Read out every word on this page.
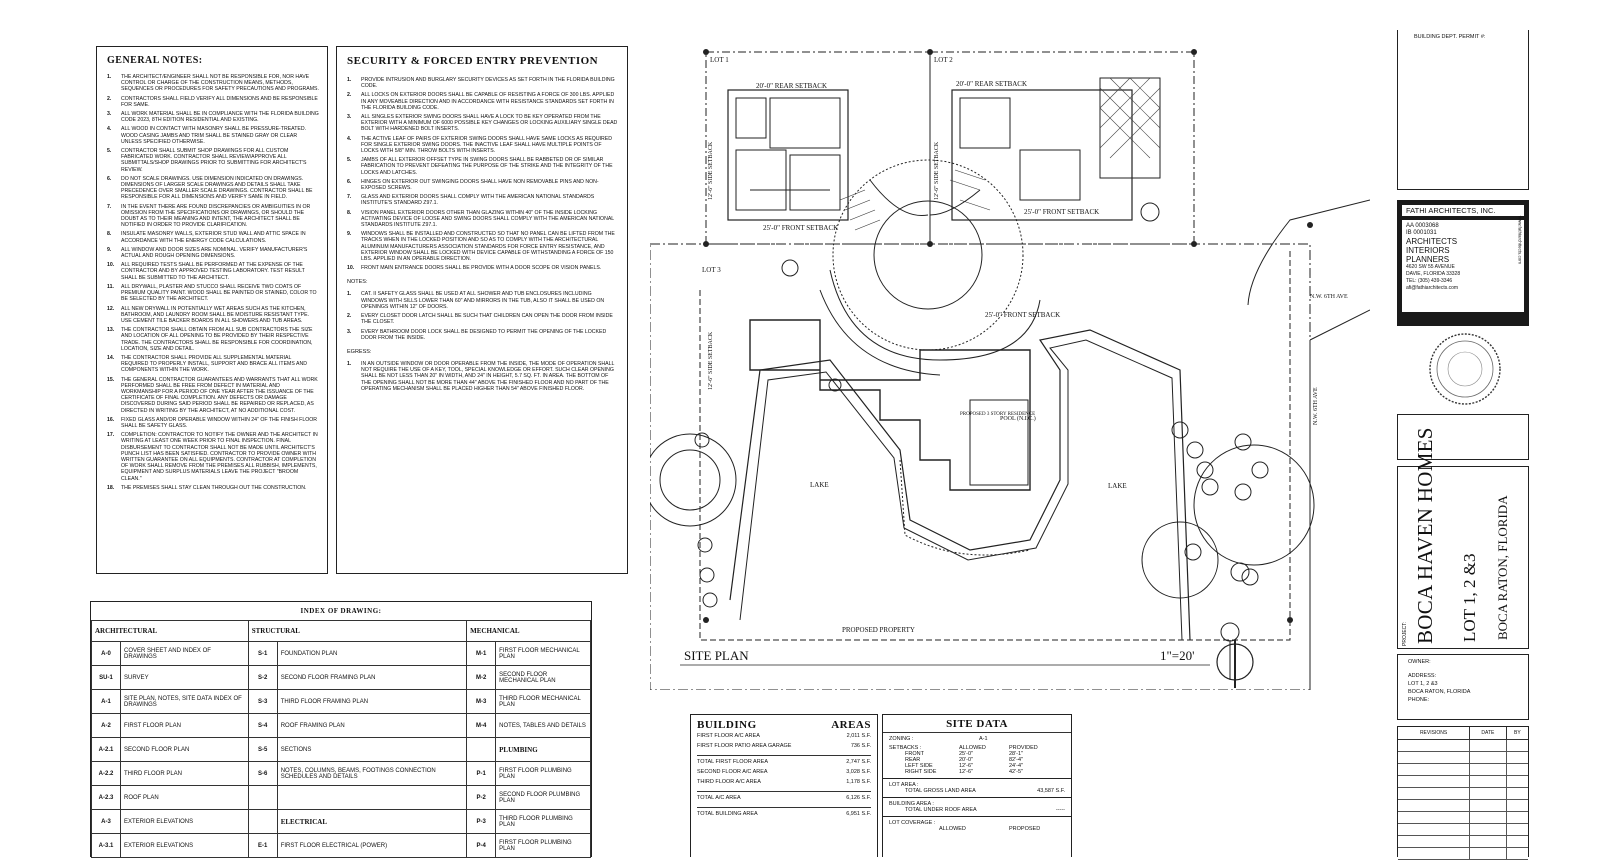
GENERAL NOTES:
1.	THE ARCHITECT/ENGINEER SHALL NOT BE RESPONSIBLE FOR, NOR HAVE CONTROL OR CHARGE OF THE CONSTRUCTION MEANS, METHODS, SEQUENCES OR PROCEDURES FOR SAFETY PRECAUTIONS AND PROGRAMS.
2.	CONTRACTORS SHALL FIELD VERIFY ALL DIMENSIONS AND BE RESPONSIBLE FOR SAME.
3.	ALL WORK MATERIAL SHALL BE IN COMPLIANCE WITH THE FLORIDA BUILDING CODE 2023, 8TH EDITION RESIDENTIAL AND EXISTING.
4.	ALL WOOD IN CONTACT WITH MASONRY SHALL BE PRESSURE-TREATED. WOOD CASING JAMBS AND TRIM SHALL BE STAINED GRAY OR CLEAR UNLESS SPECIFIED OTHERWISE.
5.	CONTRACTOR SHALL SUBMIT SHOP DRAWINGS FOR ALL CUSTOM FABRICATED WORK. CONTRACTOR SHALL REVIEW/APPROVE ALL SUBMITTALS/SHOP DRAWINGS PRIOR TO SUBMITTING FOR ARCHITECT'S REVIEW.
6.	DO NOT SCALE DRAWINGS. USE DIMENSION INDICATED ON DRAWINGS. DIMENSIONS OF LARGER SCALE DRAWINGS AND DETAILS SHALL TAKE PRECEDENCE OVER SMALLER SCALE DRAWINGS. CONTRACTOR SHALL BE RESPONSIBLE FOR ALL DIMENSIONS AND VERIFY SAME IN FIELD.
7.	IN THE EVENT THERE ARE FOUND DISCREPANCIES OR AMBIGUITIES IN OR OMISSION FROM THE SPECIFICATIONS OR DRAWINGS, OR SHOULD THE DOUBT AS TO THEIR MEANING AND INTENT, THE ARCHITECT SHALL BE NOTIFIED IN ORDER TO PROVIDE CLARIFICATION.
8.	INSULATE MASONRY WALLS, EXTERIOR STUD WALL AND ATTIC SPACE IN ACCORDANCE WITH THE ENERGY CODE CALCULATIONS.
9.	ALL WINDOW AND DOOR SIZES ARE NOMINAL. VERIFY MANUFACTURER'S ACTUAL AND ROUGH OPENING DIMENSIONS.
10.	ALL REQUIRED TESTS SHALL BE PERFORMED AT THE EXPENSE OF THE CONTRACTOR AND BY APPROVED TESTING LABORATORY. TEST RESULT SHALL BE SUBMITTED TO THE ARCHITECT.
11.	ALL DRYWALL, PLASTER AND STUCCO SHALL RECEIVE TWO COATS OF PREMIUM QUALITY PAINT. WOOD SHALL BE PAINTED OR STAINED, COLOR TO BE SELECTED BY THE ARCHITECT.
12.	ALL NEW DRYWALL IN POTENTIALLY WET AREAS SUCH AS THE KITCHEN, BATHROOM, AND LAUNDRY ROOM SHALL BE MOISTURE RESISTANT TYPE. USE CEMENT TILE BACKER BOARDS IN ALL SHOWERS AND TUB AREAS.
13.	THE CONTRACTOR SHALL OBTAIN FROM ALL SUB CONTRACTORS THE SIZE AND LOCATION OF ALL OPENING TO BE PROVIDED BY THEIR RESPECTIVE TRADE. THE CONTRACTORS SHALL BE RESPONSIBLE FOR COORDINATION, LOCATION, SIZE AND DETAIL.
14.	THE CONTRACTOR SHALL PROVIDE ALL SUPPLEMENTAL MATERIAL REQUIRED TO PROPERLY INSTALL, SUPPORT AND BRACE ALL ITEMS AND COMPONENTS WITHIN THE WORK.
15.	THE GENERAL CONTRACTOR GUARANTEES AND WARRANTS THAT ALL WORK PERFORMED SHALL BE FREE FROM DEFECT IN MATERIAL AND WORKMANSHIP FOR A PERIOD OF ONE YEAR AFTER THE ISSUANCE OF THE CERTIFICATE OF FINAL COMPLETION. ANY DEFECTS OR DAMAGE DISCOVERED DURING SAID PERIOD SHALL BE REPAIRED OR REPLACED, AS DIRECTED IN WRITING BY THE ARCHITECT, AT NO ADDITIONAL COST.
16.	FIXED GLASS AND/OR OPERABLE WINDOW WITHIN 24" OF THE FINISH FLOOR SHALL BE SAFETY GLASS.
17.	COMPLETION: CONTRACTOR TO NOTIFY THE OWNER AND THE ARCHITECT IN WRITING AT LEAST ONE WEEK PRIOR TO FINAL INSPECTION. FINAL DISBURSEMENT TO CONTRACTOR SHALL NOT BE MADE UNTIL ARCHITECT'S PUNCH LIST HAS BEEN SATISFIED. CONTRACTOR TO PROVIDE OWNER WITH WRITTEN GUARANTEE ON ALL EQUIPMENTS. CONTRACTOR AT COMPLETION OF WORK SHALL REMOVE FROM THE PREMISES ALL RUBBISH, IMPLEMENTS, EQUIPMENT AND SURPLUS MATERIALS LEAVE THE PROJECT "BROOM CLEAN."
18.	THE PREMISES SHALL STAY CLEAN THROUGH OUT THE CONSTRUCTION.
SECURITY & FORCED ENTRY PREVENTION
1.	PROVIDE INTRUSION AND BURGLARY SECURITY DEVICES AS SET FORTH IN THE FLORIDA BUILDING CODE.
2.	ALL LOCKS ON EXTERIOR DOORS SHALL BE CAPABLE OF RESISTING A FORCE OF 300 LBS. APPLIED IN ANY MOVEABLE DIRECTION AND IN ACCORDANCE WITH RESISTANCE STANDARDS SET FORTH IN THE FLORIDA BUILDING CODE.
3.	ALL SINGLES EXTERIOR SWING DOORS SHALL HAVE A LOCK TO BE KEY OPERATED FROM THE EXTERIOR WITH A MINIMUM OF 6000 POSSIBLE KEY CHANGES OR LOCKING AUXILIARY SINGLE DEAD BOLT WITH HARDENED BOLT INSERTS.
4.	THE ACTIVE LEAF OF PAIRS OF EXTERIOR SWING DOORS SHALL HAVE SAME LOCKS AS REQUIRED FOR SINGLE EXTERIOR SWING DOORS. THE INACTIVE LEAF SHALL HAVE MULTIPLE POINTS OF LOCKS WITH 5/8" MIN. THROW BOLTS WITH INSERTS.
5.	JAMBS OF ALL EXTERIOR OFFSET TYPE IN SWING DOORS SHALL BE RABBETED OR OF SIMILAR FABRICATION TO PREVENT DEFEATING THE PURPOSE OF THE STRIKE AND THE INTEGRITY OF THE LOCKS AND LATCHES.
6.	HINGES ON EXTERIOR OUT SWINGING DOORS SHALL HAVE NON REMOVABLE PINS AND NON-EXPOSED SCREWS.
7.	GLASS AND EXTERIOR DOORS SHALL COMPLY WITH THE AMERICAN NATIONAL STANDARDS INSTITUTE'S STANDARD Z97.1.
8.	VISION PANEL EXTERIOR DOORS OTHER THAN GLAZING WITHIN 40" OF THE INSIDE LOCKING ACTIVATING DEVICE OF LOOSE AND SWING DOORS SHALL COMPLY WITH THE AMERICAN NATIONAL STANDARDS INSTITUTE Z97.1.
9.	WINDOWS SHALL BE INSTALLED AND CONSTRUCTED SO THAT NO PANEL CAN BE LIFTED FROM THE TRACKS WHEN IN THE LOCKED POSITION AND SO AS TO COMPLY WITH THE ARCHITECTURAL ALUMINUM MANUFACTURERS ASSOCIATION STANDARDS FOR FORCE ENTRY RESISTANCE, AND EXTERIOR WINDOW SHALL BE LOCKED WITH DEVICE CAPABLE OF WITHSTANDING A FORCE OF 150 LBS. APPLIED IN AN OPERABLE DIRECTION.
10.	FRONT MAIN ENTRANCE DOORS SHALL BE PROVIDE WITH A DOOR SCOPE OR VISION PANELS.
NOTES:
1.	CAT. II SAFETY GLASS SHALL BE USED AT ALL SHOWER AND TUB ENCLOSURES INCLUDING WINDOWS WITH SILLS LOWER THAN 60" AND MIRRORS IN THE TUB, ALSO IT SHALL BE USED ON OPENINGS WITHIN 12" OF DOORS.
2.	EVERY CLOSET DOOR LATCH SHALL BE SUCH THAT CHILDREN CAN OPEN THE DOOR FROM INSIDE THE CLOSET.
3.	EVERY BATHROOM DOOR LOCK SHALL BE DESIGNED TO PERMIT THE OPENING OF THE LOCKED DOOR FROM THE INSIDE.
EGRESS:
1.	IN AN OUTSIDE WINDOW OR DOOR OPERABLE FROM THE INSIDE, THE MODE OF OPERATION SHALL NOT REQUIRE THE USE OF A KEY, TOOL, SPECIAL KNOWLEDGE OR EFFORT. SUCH CLEAR OPENING SHALL BE NOT LESS THAN 20" IN WIDTH, AND 24" IN HEIGHT, 5.7 SQ. FT. IN AREA. THE BOTTOM OF THE OPENING SHALL NOT BE MORE THAN 44" ABOVE THE FINISHED FLOOR AND NO PART OF THE OPERATING MECHANISM SHALL BE PLACED HIGHER THAN 54" ABOVE FINISHED FLOOR.
INDEX OF DRAWING:
ARCHITECTURAL		STRUCTURAL		MECHANICAL	
A-0	COVER SHEET AND INDEX OF DRAWINGS	S-1	FOUNDATION PLAN	M-1	FIRST FLOOR MECHANICAL PLAN
SU-1	SURVEY	S-2	SECOND FLOOR FRAMING PLAN	M-2	SECOND FLOOR MECHANICAL PLAN
A-1	SITE PLAN, NOTES, SITE DATA INDEX OF DRAWINGS	S-3	THIRD FLOOR FRAMING PLAN	M-3	THIRD FLOOR MECHANICAL PLAN
A-2	FIRST FLOOR PLAN	S-4	ROOF FRAMING PLAN	M-4	NOTES, TABLES AND DETAILS
A-2.1	SECOND FLOOR PLAN	S-5	SECTIONS		PLUMBING
A-2.2	THIRD FLOOR PLAN	S-6	NOTES, COLUMNS, BEAMS, FOOTINGS CONNECTION SCHEDULES AND DETAILS	P-1	FIRST FLOOR PLUMBING PLAN
A-2.3	ROOF PLAN			P-2	SECOND FLOOR PLUMBING PLAN
A-3	EXTERIOR ELEVATIONS		ELECTRICAL	P-3	THIRD FLOOR PLUMBING PLAN
A-3.1	EXTERIOR ELEVATIONS	E-1	FIRST FLOOR ELECTRICAL (POWER)	P-4	FIRST FLOOR PLUMBING PLAN
LOT 1	LOT 2
LOT 3
20'-0" REAR SETBACK	20'-0" REAR SETBACK
25'-0" FRONT SETBACK
25'-0" FRONT SETBACK
25'-0" FRONT SETBACK
LAKE	LAKE
PROPOSED PROPERTY
POOL (N.I.C.)
PROPOSED 3 STORY RESIDENCE
N.W. 6TH AVE
N.W. 6TH AVE
12'-6" SIDE SETBACK	12'-6" SIDE SETBACK
12'-6" SIDE SETBACK
SITE PLAN	1"=20'
BUILDING	AREAS
FIRST FLOOR A/C AREA	2,011 S.F.
FIRST FLOOR PATIO AREA GARAGE	736 S.F.
TOTAL FIRST FLOOR AREA	2,747 S.F.
SECOND FLOOR A/C AREA	3,028 S.F.
THIRD FLOOR A/C AREA	1,178 S.F.
TOTAL A/C AREA	6,126 S.F.
TOTAL BUILDING AREA	6,951 S.F.
SITE DATA
ZONING :	A-1
SETBACKS :	ALLOWED	PROVIDED
FRONT	25'-0"	28'-1"
REAR	20'-0"	82'-4"
LEFT SIDE	12'-6"	24'-4"
RIGHT SIDE	12'-6"	42'-5"
LOT AREA :
TOTAL GROSS LAND AREA	43,587 S.F.
BUILDING AREA :
TOTAL UNDER ROOF AREA	-----
LOT COVERAGE :
ALLOWED	PROPOSED
BUILDING DEPT. PERMIT #:
FATHI ARCHITECTS, INC.
AA 0003068
IB 0001031
ARCHITECTS
INTERIORS
PLANNERS
4620 SW 55 AVENUE
DAVIE, FLORIDA 33328
TEL: (305) 439-3346
afi@fathiarchitects.com
www.fathiarchitects.com
PROJECT: BOCA HAVEN HOMES LOT 1, 2 &3 BOCA RATON, FLORIDA
OWNER:
ADDRESS:
LOT 1, 2 &3
BOCA RATON, FLORIDA
PHONE:
REVISIONS	DATE	BY
